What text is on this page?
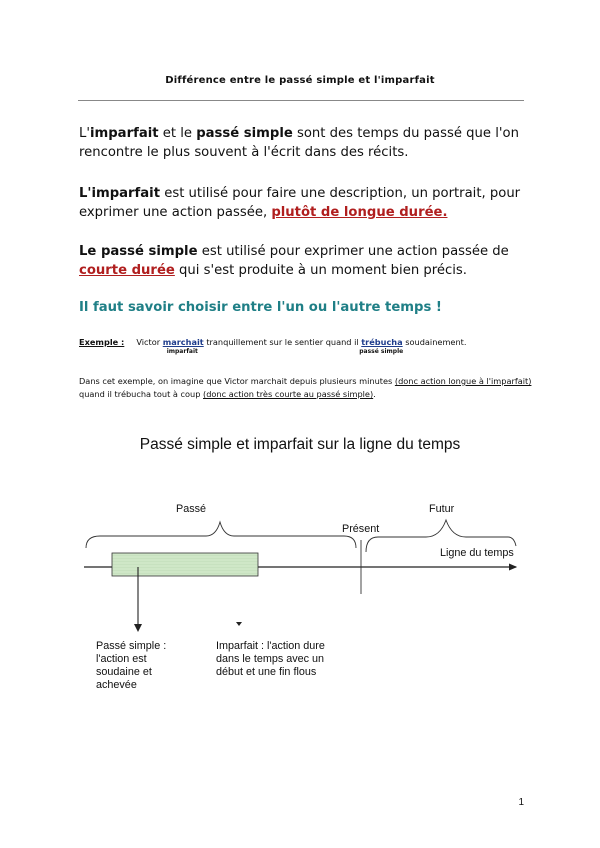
Différence entre le passé simple et l'imparfait
L'imparfait et le passé simple sont des temps du passé que l'on rencontre le plus souvent à l'écrit dans des récits.
L'imparfait est utilisé pour faire une description, un portrait, pour exprimer une action passée, plutôt de longue durée.
Le passé simple est utilisé pour exprimer une action passée de courte durée qui s'est produite à un moment bien précis.
Il faut savoir choisir entre l'un ou l'autre temps !
Exemple : Victor marchait
imparfait
tranquillement sur le sentier quand il trébucha
passé simple
soudainement.
Dans cet exemple, on imagine que Victor marchait depuis plusieurs minutes (donc action longue à l'imparfait) quand il trébucha tout à coup (donc action très courte au passé simple).
Passé simple et imparfait sur la ligne du temps
Passé	Futur
Présent
Ligne du temps
Passé simple :
l'action est
soudaine et
achevée
Imparfait : l'action dure
dans le temps avec un
début et une fin flous
1
